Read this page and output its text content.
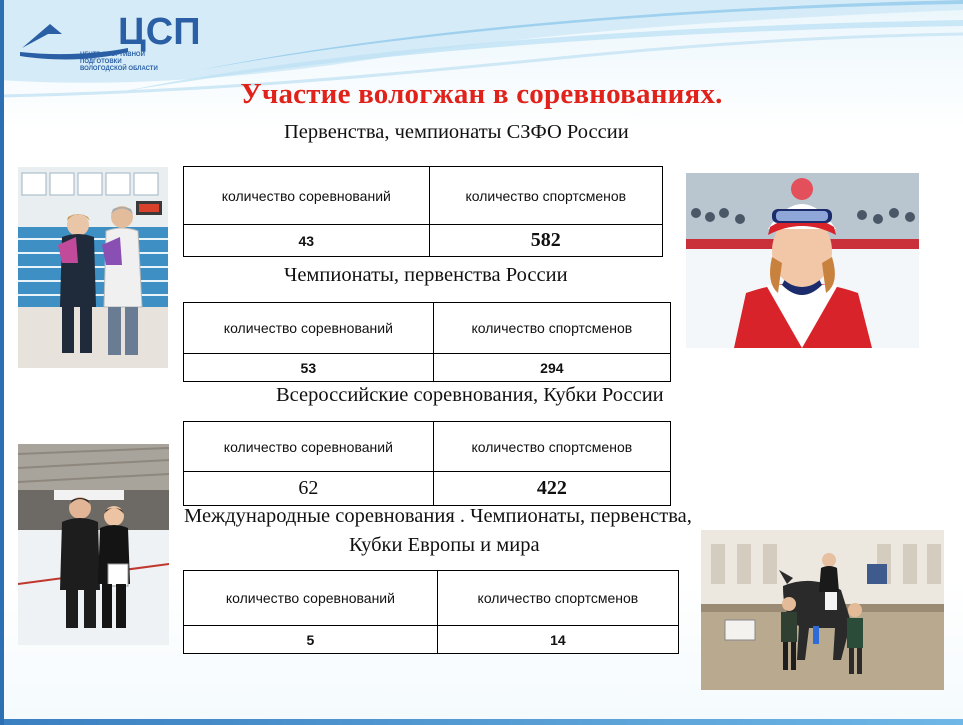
ЦСП
ЦЕНТР СПОРТИВНОЙ
ПОДГОТОВКИ
ВОЛОГОДСКОЙ ОБЛАСТИ
Участие вологжан в соревнованиях.
Первенства, чемпионаты СЗФО России
количество соревнований	количество спортсменов
43	582
Чемпионаты, первенства России
количество соревнований	количество спортсменов
53	294
Всероссийские соревнования, Кубки России
количество соревнований	количество спортсменов
62	422
Международные соревнования . Чемпионаты, первенства,
Кубки Европы и мира
количество соревнований	количество спортсменов
5	14
